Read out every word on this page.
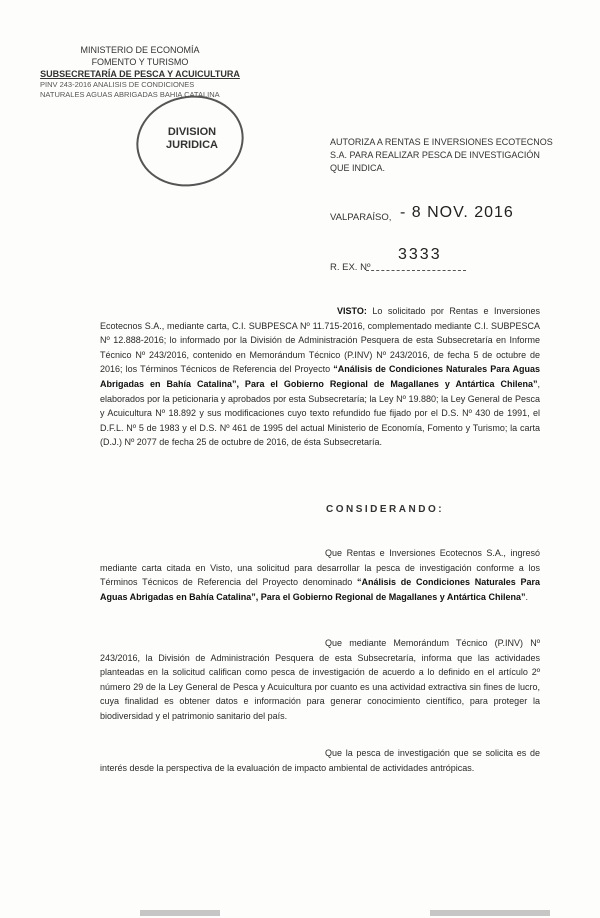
MINISTERIO DE ECONOMÍA
FOMENTO Y TURISMO
SUBSECRETARÍA DE PESCA Y ACUICULTURA
PINV 243-2016 ANALISIS DE CONDICIONES
NATURALES AGUAS ABRIGADAS BAHIA CATALINA
DIVISION
JURIDICA	AUTORIZA A RENTAS E INVERSIONES ECOTECNOS S.A. PARA REALIZAR PESCA DE INVESTIGACIÓN QUE INDICA.
VALPARAÍSO, - 8 NOV. 2016
R. EX. Nº
3333
VISTO: Lo solicitado por Rentas e Inversiones Ecotecnos S.A., mediante carta, C.I. SUBPESCA Nº 11.715-2016, complementado mediante C.I. SUBPESCA Nº 12.888-2016; lo informado por la División de Administración Pesquera de esta Subsecretaría en Informe Técnico Nº 243/2016, contenido en Memorándum Técnico (P.INV) Nº 243/2016, de fecha 5 de octubre de 2016; los Términos Técnicos de Referencia del Proyecto “Análisis de Condiciones Naturales Para Aguas Abrigadas en Bahía Catalina”, Para el Gobierno Regional de Magallanes y Antártica Chilena”, elaborados por la peticionaria y aprobados por esta Subsecretaría; la Ley Nº 19.880; la Ley General de Pesca y Acuicultura Nº 18.892 y sus modificaciones cuyo texto refundido fue fijado por el D.S. Nº 430 de 1991, el D.F.L. Nº 5 de 1983 y el D.S. Nº 461 de 1995 del actual Ministerio de Economía, Fomento y Turismo; la carta (D.J.) Nº 2077 de fecha 25 de octubre de 2016, de ésta Subsecretaría.
CONSIDERANDO:
Que Rentas e Inversiones Ecotecnos S.A., ingresó mediante carta citada en Visto, una solicitud para desarrollar la pesca de investigación conforme a los Términos Técnicos de Referencia del Proyecto denominado “Análisis de Condiciones Naturales Para Aguas Abrigadas en Bahía Catalina”, Para el Gobierno Regional de Magallanes y Antártica Chilena”.
Que mediante Memorándum Técnico (P.INV) Nº 243/2016, la División de Administración Pesquera de esta Subsecretaría, informa que las actividades planteadas en la solicitud califican como pesca de investigación de acuerdo a lo definido en el artículo 2º número 29 de la Ley General de Pesca y Acuicultura por cuanto es una actividad extractiva sin fines de lucro, cuya finalidad es obtener datos e información para generar conocimiento científico, para proteger la biodiversidad y el patrimonio sanitario del país.
Que la pesca de investigación que se solicita es de interés desde la perspectiva de la evaluación de impacto ambiental de actividades antrópicas.
